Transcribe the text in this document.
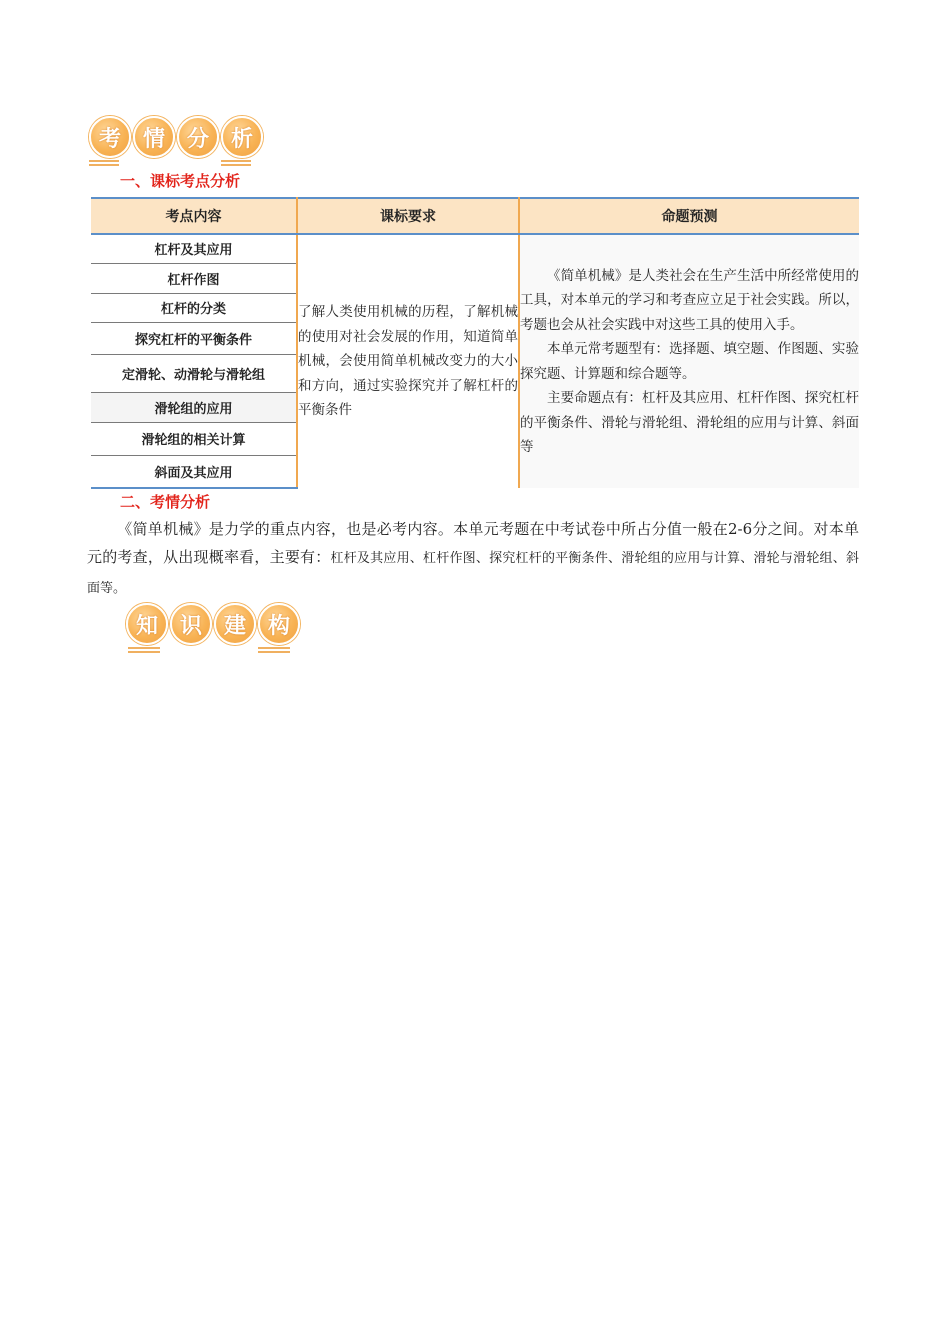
考 情 分 析
一、课标考点分析
考点内容	课标要求	命题预测
杠杆及其应用	了解人类使用机械的历程，了解机械的使用对社会发展的作用，知道简单机械，会使用简单机械改变力的大小和方向，通过实验探究并了解杠杆的平衡条件	《简单机械》是人类社会在生产生活中所经常使用的工具，对本单元的学习和考查应立足于社会实践。所以，考题也会从社会实践中对这些工具的使用入手。

本单元常考题型有：选择题、填空题、作图题、实验探究题、计算题和综合题等。

主要命题点有：杠杆及其应用、杠杆作图、探究杠杆的平衡条件、滑轮与滑轮组、滑轮组的应用与计算、斜面等

杠杆作图		
杠杆的分类		
探究杠杆的平衡条件		
定滑轮、动滑轮与滑轮组		
滑轮组的应用		
滑轮组的相关计算		
斜面及其应用		
二、考情分析
《简单机械》是力学的重点内容，也是必考内容。本单元考题在中考试卷中所占分值一般在2-6分之间。对本单元的考查，从出现概率看，主要有：杠杆及其应用、杠杆作图、探究杠杆的平衡条件、滑轮组的应用与计算、滑轮与滑轮组、斜面等。
知 识 建 构
